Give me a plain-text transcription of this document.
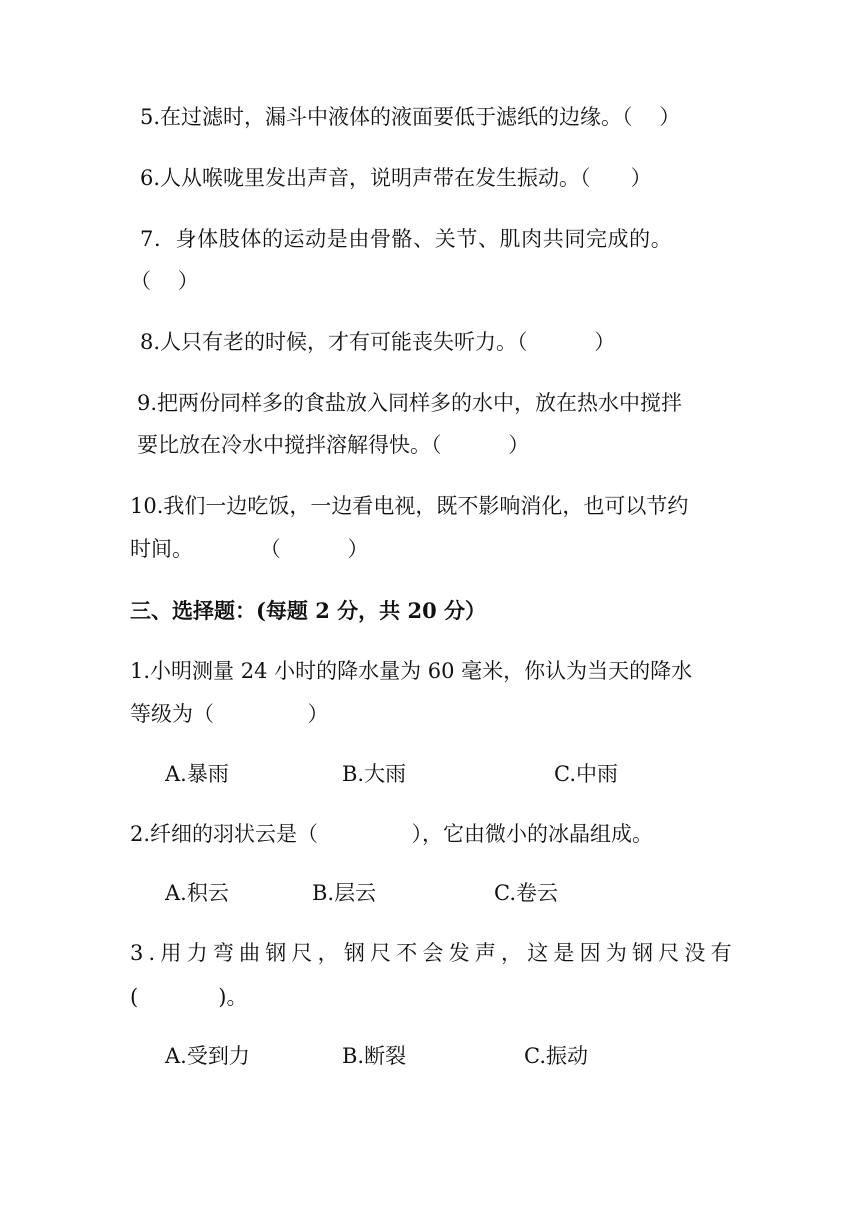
5.在过滤时，漏斗中液体的液面要低于滤纸的边缘。（    ）
6.人从喉咙里发出声音，说明声带在发生振动。（      ）
7．身体肢体的运动是由骨骼、关节、肌肉共同完成的。
（    ）
8.人只有老的时候，才有可能丧失听力。（          ）
9.把两份同样多的食盐放入同样多的水中，放在热水中搅拌
要比放在冷水中搅拌溶解得快。（          ）
10.我们一边吃饭，一边看电视，既不影响消化，也可以节约
时间。          （          ）
三、选择题：(每题 2 分，共 20 分）
1.小明测量 24 小时的降水量为 60 毫米，你认为当天的降水
等级为（              ）
A.暴雨	B.大雨	C.中雨
2.纤细的羽状云是（              ），它由微小的冰晶组成。
A.积云	B.层云	C.卷云
3.用力弯曲钢尺，钢尺不会发声，这是因为钢尺没有
(            )。
A.受到力	B.断裂	C.振动
